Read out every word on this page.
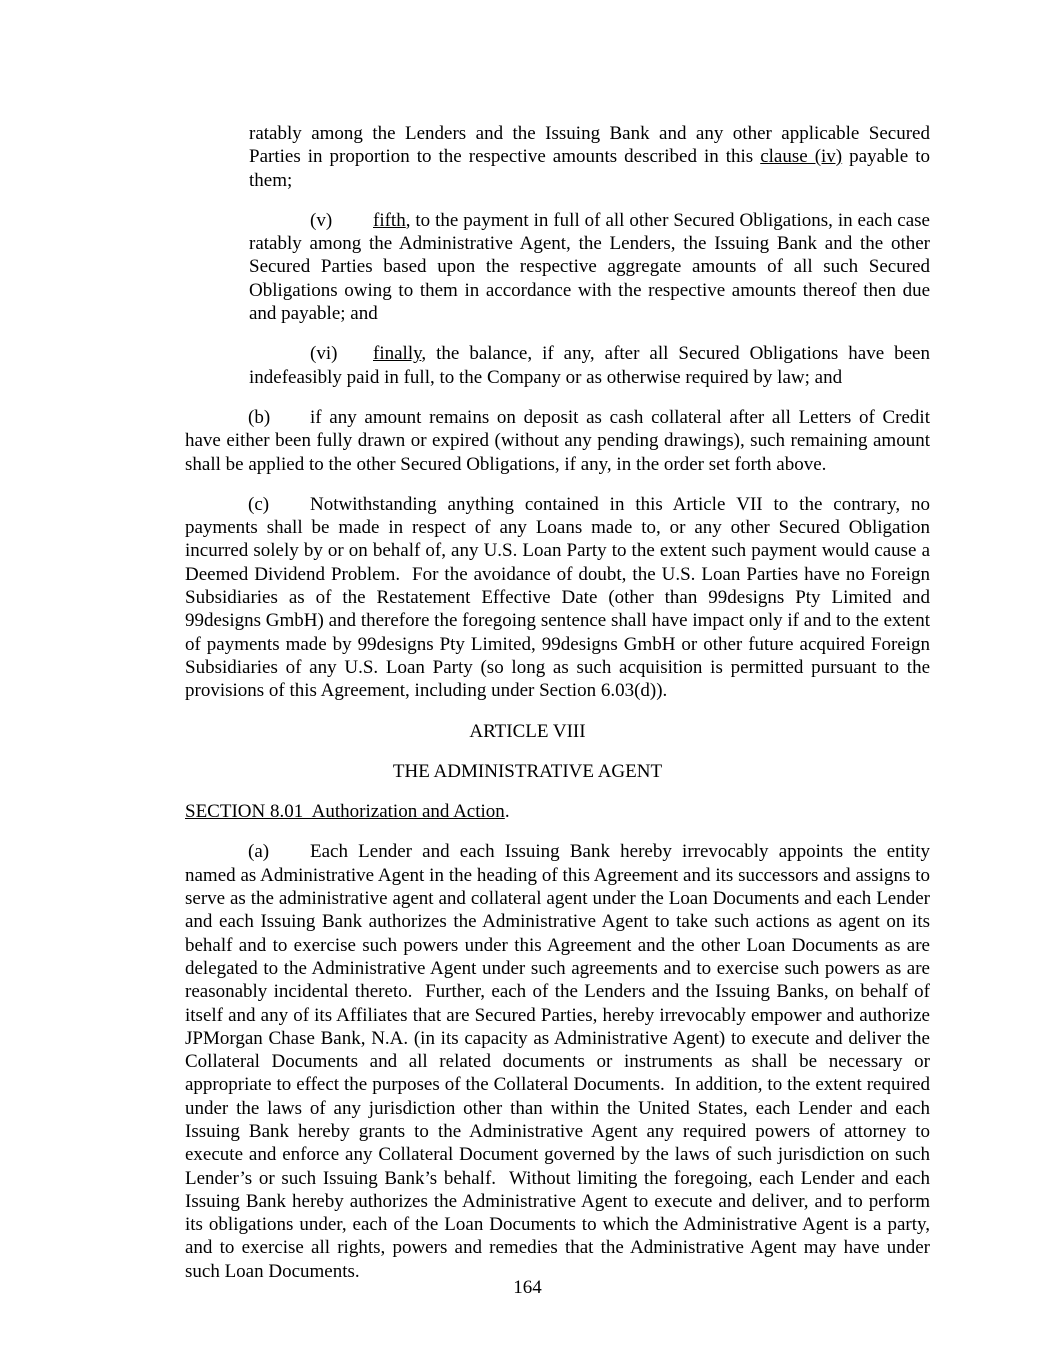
ratably among the Lenders and the Issuing Bank and any other applicable Secured Parties in proportion to the respective amounts described in this clause (iv) payable to them;

(v) fifth, to the payment in full of all other Secured Obligations, in each case ratably among the Administrative Agent, the Lenders, the Issuing Bank and the other Secured Parties based upon the respective aggregate amounts of all such Secured Obligations owing to them in accordance with the respective amounts thereof then due and payable; and

(vi) finally, the balance, if any, after all Secured Obligations have been indefeasibly paid in full, to the Company or as otherwise required by law; and

(b) if any amount remains on deposit as cash collateral after all Letters of Credit have either been fully drawn or expired (without any pending drawings), such remaining amount shall be applied to the other Secured Obligations, if any, in the order set forth above.

(c) Notwithstanding anything contained in this Article VII to the contrary, no payments shall be made in respect of any Loans made to, or any other Secured Obligation incurred solely by or on behalf of, any U.S. Loan Party to the extent such payment would cause a Deemed Dividend Problem.  For the avoidance of doubt, the U.S. Loan Parties have no Foreign Subsidiaries as of the Restatement Effective Date (other than 99designs Pty Limited and 99designs GmbH) and therefore the foregoing sentence shall have impact only if and to the extent of payments made by 99designs Pty Limited, 99designs GmbH or other future acquired Foreign Subsidiaries of any U.S. Loan Party (so long as such acquisition is permitted pursuant to the provisions of this Agreement, including under Section 6.03(d)).

ARTICLE VIII
THE ADMINISTRATIVE AGENT

SECTION 8.01  Authorization and Action.

(a) Each Lender and each Issuing Bank hereby irrevocably appoints the entity named as Administrative Agent in the heading of this Agreement and its successors and assigns to serve as the administrative agent and collateral agent under the Loan Documents and each Lender and each Issuing Bank authorizes the Administrative Agent to take such actions as agent on its behalf and to exercise such powers under this Agreement and the other Loan Documents as are delegated to the Administrative Agent under such agreements and to exercise such powers as are reasonably incidental thereto.  Further, each of the Lenders and the Issuing Banks, on behalf of itself and any of its Affiliates that are Secured Parties, hereby irrevocably empower and authorize JPMorgan Chase Bank, N.A. (in its capacity as Administrative Agent) to execute and deliver the Collateral Documents and all related documents or instruments as shall be necessary or appropriate to effect the purposes of the Collateral Documents.  In addition, to the extent required under the laws of any jurisdiction other than within the United States, each Lender and each Issuing Bank hereby grants to the Administrative Agent any required powers of attorney to execute and enforce any Collateral Document governed by the laws of such jurisdiction on such Lender’s or such Issuing Bank’s behalf.  Without limiting the foregoing, each Lender and each Issuing Bank hereby authorizes the Administrative Agent to execute and deliver, and to perform its obligations under, each of the Loan Documents to which the Administrative Agent is a party, and to exercise all rights, powers and remedies that the Administrative Agent may have under such Loan Documents.

164
